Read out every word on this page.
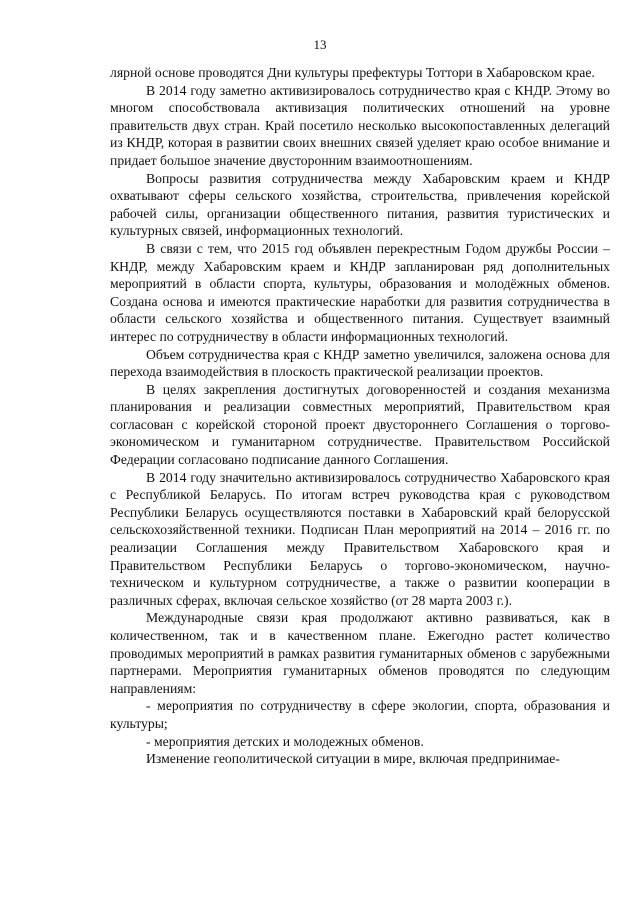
13

лярной основе проводятся Дни культуры префектуры Тоттори в Хабаровском крае.

В 2014 году заметно активизировалось сотрудничество края с КНДР. Этому во многом способствовала активизация политических отношений на уровне правительств двух стран. Край посетило несколько высокопоставленных делегаций из КНДР, которая в развитии своих внешних связей уделяет краю особое внимание и придает большое значение двусторонним взаимоотношениям.

Вопросы развития сотрудничества между Хабаровским краем и КНДР охватывают сферы сельского хозяйства, строительства, привлечения корейской рабочей силы, организации общественного питания, развития туристических и культурных связей, информационных технологий.

В связи с тем, что 2015 год объявлен перекрестным Годом дружбы России – КНДР, между Хабаровским краем и КНДР запланирован ряд дополнительных мероприятий в области спорта, культуры, образования и молодёжных обменов. Создана основа и имеются практические наработки для развития сотрудничества в области сельского хозяйства и общественного питания. Существует взаимный интерес по сотрудничеству в области информационных технологий.

Объем сотрудничества края с КНДР заметно увеличился, заложена основа для перехода взаимодействия в плоскость практической реализации проектов.

В целях закрепления достигнутых договоренностей и создания механизма планирования и реализации совместных мероприятий, Правительством края согласован с корейской стороной проект двустороннего Соглашения о торгово-экономическом и гуманитарном сотрудничестве. Правительством Российской Федерации согласовано подписание данного Соглашения.

В 2014 году значительно активизировалось сотрудничество Хабаровского края с Республикой Беларусь. По итогам встреч руководства края с руководством Республики Беларусь осуществляются поставки в Хабаровский край белорусской сельскохозяйственной техники. Подписан План мероприятий на 2014 – 2016 гг. по реализации Соглашения между Правительством Хабаровского края и Правительством Республики Беларусь о торгово-экономическом, научно-техническом и культурном сотрудничестве, а также о развитии кооперации в различных сферах, включая сельское хозяйство (от 28 марта 2003 г.).

Международные связи края продолжают активно развиваться, как в количественном, так и в качественном плане. Ежегодно растет количество проводимых мероприятий в рамках развития гуманитарных обменов с зарубежными партнерами. Мероприятия гуманитарных обменов проводятся по следующим направлениям:

- мероприятия по сотрудничеству в сфере экологии, спорта, образования и культуры;

- мероприятия детских и молодежных обменов.

Изменение геополитической ситуации в мире, включая предпринимае-
